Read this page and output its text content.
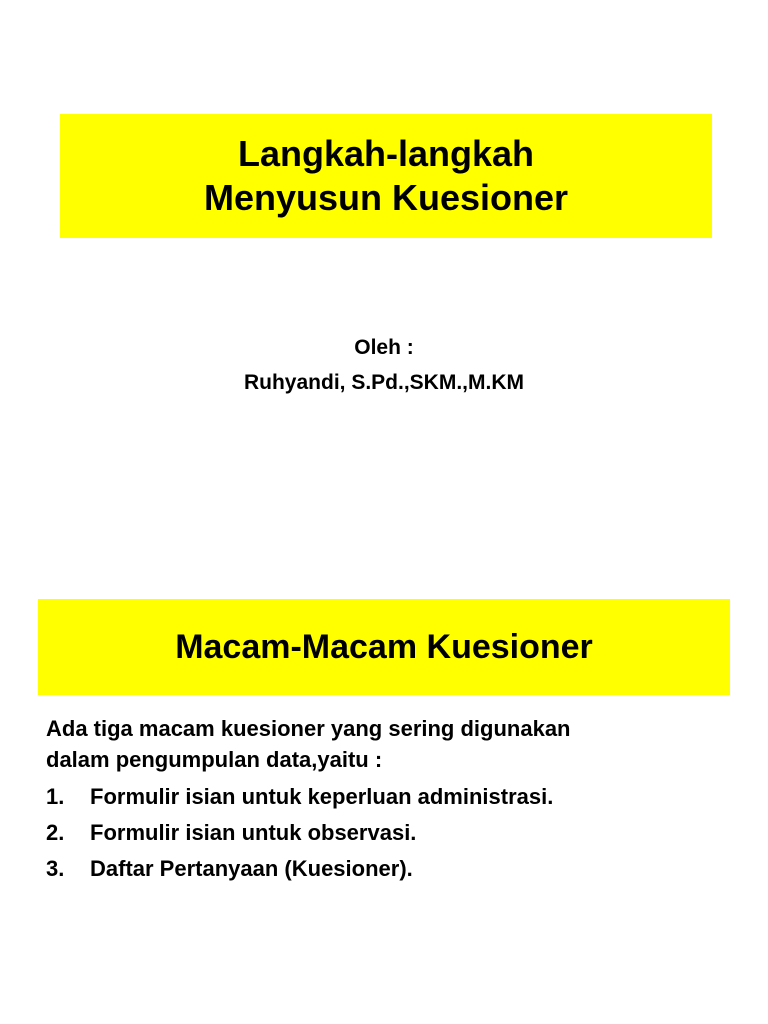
Langkah-langkah
Menyusun Kuesioner
Oleh :
Ruhyandi, S.Pd.,SKM.,M.KM
Macam-Macam Kuesioner
Ada tiga macam kuesioner yang sering digunakan
dalam pengumpulan data,yaitu :
1.	Formulir isian untuk keperluan administrasi.
2.	Formulir isian untuk observasi.
3.	Daftar Pertanyaan (Kuesioner).
